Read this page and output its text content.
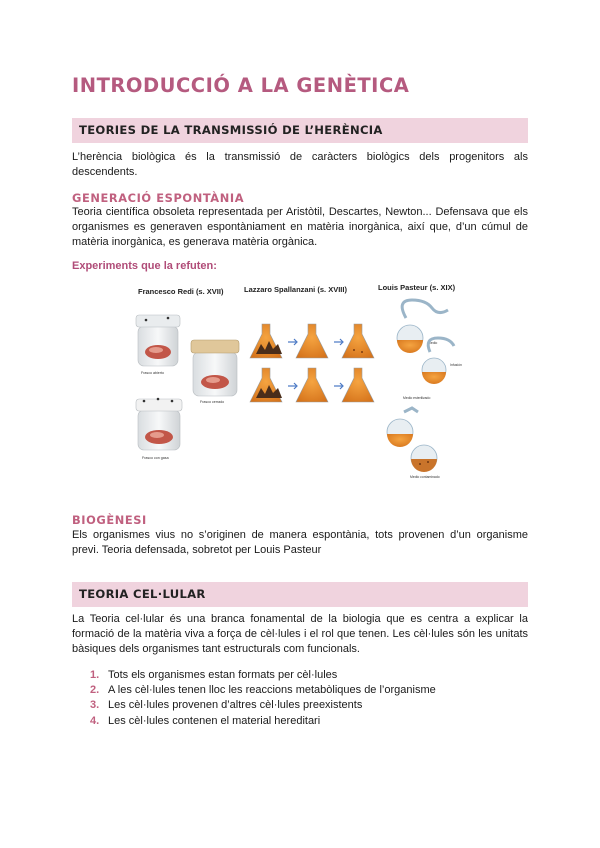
INTRODUCCIÓ A LA GENÈTICA
TEORIES DE LA TRANSMISSIÓ DE L’HERÈNCIA
L’herència biològica és la transmissió de caràcters biològics dels progenitors als descendents.
GENERACIÓ ESPONTÀNIA
Teoria científica obsoleta representada per Aristòtil, Descartes, Newton... Defensava que els organismes es generaven espontàniament en matèria inorgànica, així que, d’un cúmul de matèria inorgànica, es generava matèria orgànica.
Experiments que la refuten:
Francesco Redi (s. XVII)	Lazzaro Spallanzani (s. XVIII)	Louis Pasteur (s. XIX)
Frasco abierto
Frasco cerrado
Frasco con gasa
Medio
Infusión
Medio esterilizado
Medio contaminado
BIOGÈNESI
Els organismes vius no s’originen de manera espontània, tots provenen d’un organisme previ. Teoria defensada, sobretot per Louis Pasteur
TEORIA CEL·LULAR
La Teoria cel·lular és una branca fonamental de la biologia que es centra a explicar la formació de la matèria viva a força de cèl·lules i el rol que tenen. Les cèl·lules són les unitats bàsiques dels organismes tant estructurals com funcionals.
1. Tots els organismes estan formats per cèl·lules
2. A les cèl·lules tenen lloc les reaccions metabòliques de l’organisme
3. Les cèl·lules provenen d’altres cèl·lules preexistents
4. Les cèl·lules contenen el material hereditari
